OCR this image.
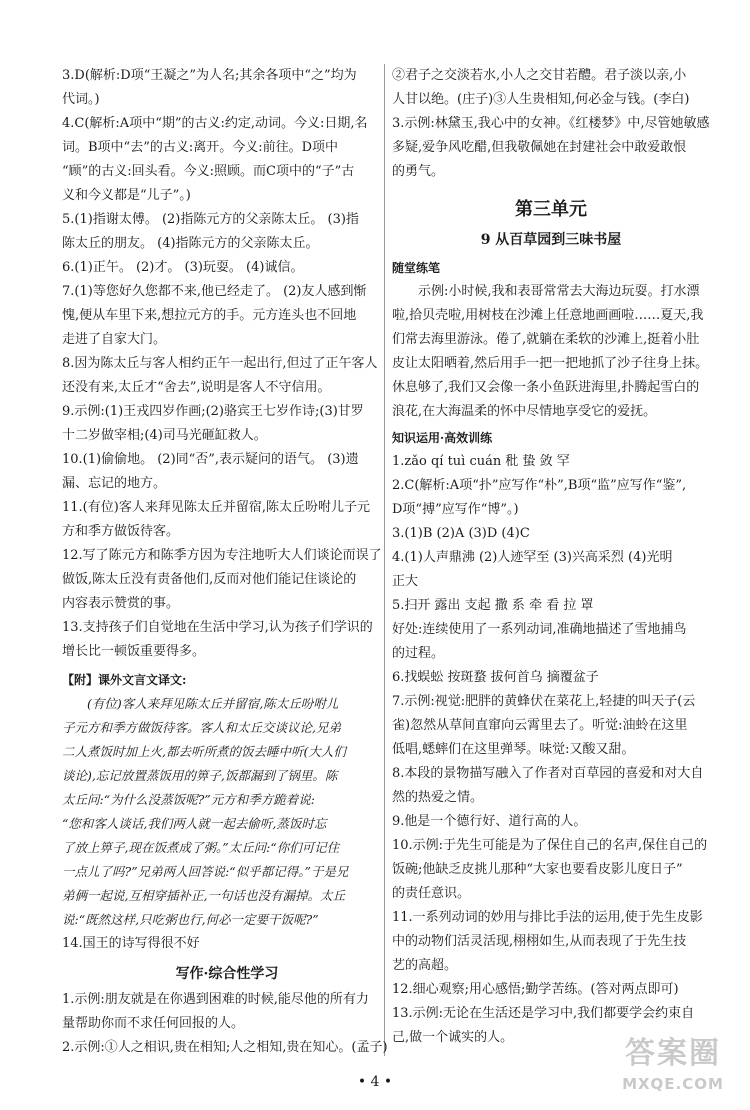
3.D(解析:D项“王凝之”为人名;其余各项中“之”均为

代词。)

4.C(解析:A项中“期”的古义:约定,动词。今义:日期,名

词。B项中“去”的古义:离开。今义:前往。D项中

“顾”的古义:回头看。今义:照顾。而C项中的“子”古

义和今义都是“儿子”。)

5.(1)指谢太傅。 (2)指陈元方的父亲陈太丘。 (3)指

陈太丘的朋友。 (4)指陈元方的父亲陈太丘。

6.(1)正午。 (2)才。 (3)玩耍。 (4)诚信。

7.(1)等您好久您都不来,他已经走了。 (2)友人感到惭

愧,便从车里下来,想拉元方的手。元方连头也不回地

走进了自家大门。

8.因为陈太丘与客人相约正午一起出行,但过了正午客人

还没有来,太丘才“舍去”,说明是客人不守信用。

9.示例:(1)王戎四岁作画;(2)骆宾王七岁作诗;(3)甘罗

十二岁做宰相;(4)司马光砸缸救人。

10.(1)偷偷地。 (2)同“否”,表示疑问的语气。 (3)遗

漏、忘记的地方。

11.(有位)客人来拜见陈太丘并留宿,陈太丘吩咐儿子元

方和季方做饭待客。

12.写了陈元方和陈季方因为专注地听大人们谈论而误了

做饭,陈太丘没有责备他们,反而对他们能记住谈论的

内容表示赞赏的事。

13.支持孩子们自觉地在生活中学习,认为孩子们学识的

增长比一顿饭重要得多。

【附】课外文言文译文:

(有位)客人来拜见陈太丘并留宿,陈太丘吩咐儿

子元方和季方做饭待客。客人和太丘交谈议论,兄弟

二人煮饭时加上火,都去听所煮的饭去睡中听(大人们

谈论),忘记放置蒸饭用的箅子,饭都漏到了锅里。陈

太丘问:“为什么没蒸饭呢?”元方和季方跪着说:

“您和客人谈话,我们两人就一起去偷听,蒸饭时忘

了放上箅子,现在饭煮成了粥。”太丘问:“你们可记住

一点儿了吗?”兄弟两人回答说:“似乎都记得。”于是兄

弟俩一起说,互相穿插补正,一句话也没有漏掉。太丘

说:“既然这样,只吃粥也行,何必一定要干饭呢?”

14.国王的诗写得很不好

写作·综合性学习

1.示例:朋友就是在你遇到困难的时候,能尽他的所有力

量帮助你而不求任何回报的人。

2.示例:①人之相识,贵在相知;人之相知,贵在知心。(孟子)

②君子之交淡若水,小人之交甘若醴。君子淡以亲,小

人甘以绝。(庄子)③人生贵相知,何必金与钱。(李白)

3.示例:林黛玉,我心中的女神。《红楼梦》中,尽管她敏感

多疑,爱争风吃醋,但我敬佩她在封建社会中敢爱敢恨

的勇气。

第三单元
9 从百草园到三味书屋

随堂练笔

示例:小时候,我和表哥常常去大海边玩耍。打水漂

啦,拾贝壳啦,用树枝在沙滩上任意地画画啦……夏天,我

们常去海里游泳。倦了,就躺在柔软的沙滩上,挺着小肚

皮让太阳晒着,然后用手一把一把地抓了沙子往身上抹。

休息够了,我们又会像一条小鱼跃进海里,扑腾起雪白的

浪花,在大海温柔的怀中尽情地享受它的爱抚。

知识运用·高效训练

1.zǎo qí tuì cuán 秕 蛰 敛 罕

2.C(解析:A项“扑”应写作“朴”,B项“监”应写作“鉴”,

D项“搏”应写作“博”。)

3.(1)B (2)A (3)D (4)C

4.(1)人声鼎沸 (2)人迹罕至 (3)兴高采烈 (4)光明

正大

5.扫开 露出 支起 撒 系 牵 看 拉 罩

好处:连续使用了一系列动词,准确地描述了雪地捕鸟

的过程。

6.找蜈蚣 按斑蝥 拔何首乌 摘覆盆子

7.示例:视觉:肥胖的黄蜂伏在菜花上,轻捷的叫天子(云

雀)忽然从草间直窜向云霄里去了。听觉:油蛉在这里

低唱,蟋蟀们在这里弹琴。味觉:又酸又甜。

8.本段的景物描写融入了作者对百草园的喜爱和对大自

然的热爱之情。

9.他是一个德行好、道行高的人。

10.示例:于先生可能是为了保住自己的名声,保住自己的

饭碗;他缺乏皮挑儿那种“大家也要看皮影儿度日子”

的责任意识。

11.一系列动词的妙用与排比手法的运用,使于先生皮影

中的动物们活灵活现,栩栩如生,从而表现了于先生技

艺的高超。

12.细心观察;用心感悟;勤学苦练。(答对两点即可)

13.示例:无论在生活还是学习中,我们都要学会约束自

己,做一个诚实的人。

• 4 •
答案圈
MXQE.COM
